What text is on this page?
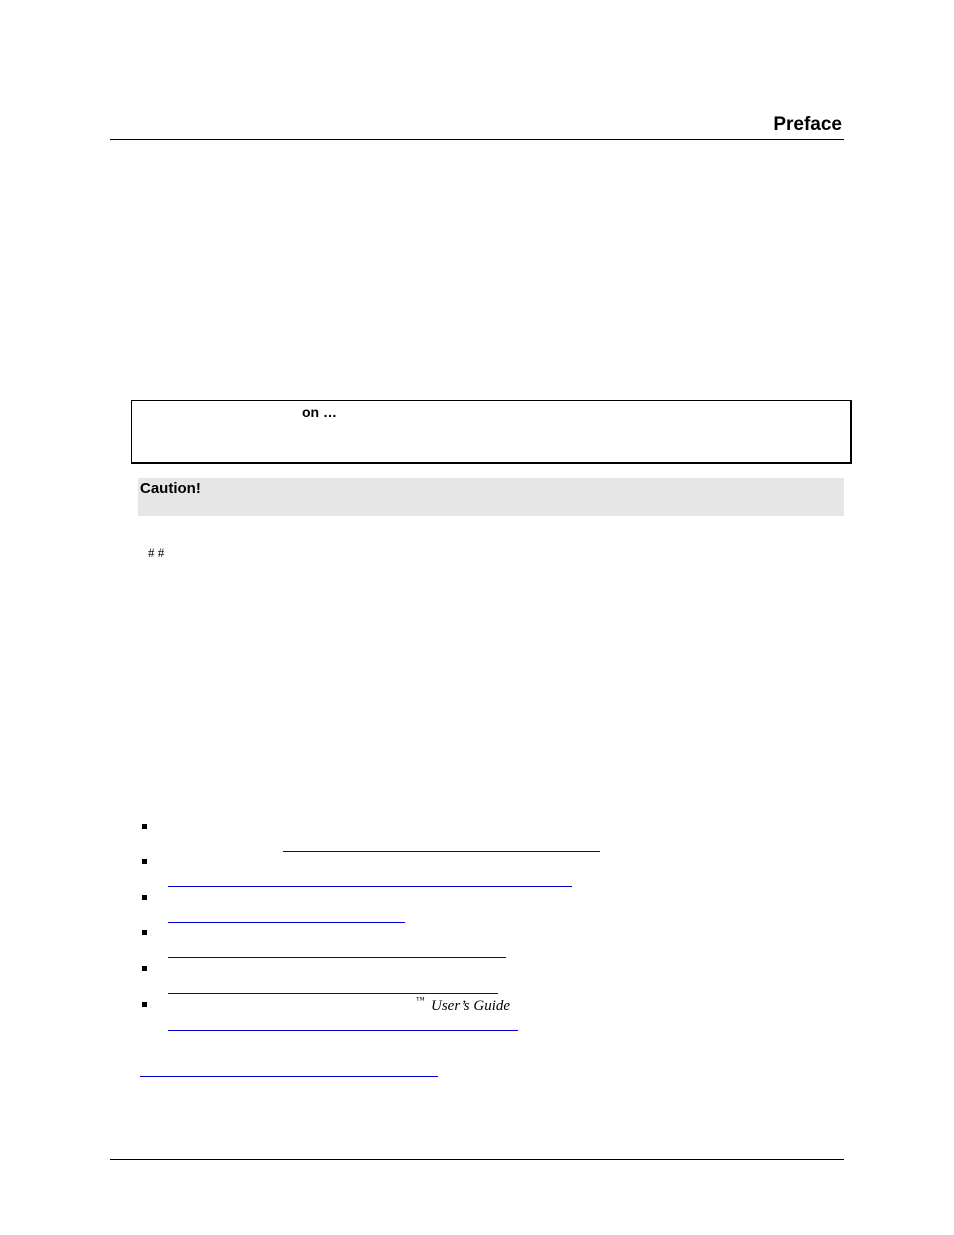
Preface
on …
Caution!
# #
™ User’s Guide
